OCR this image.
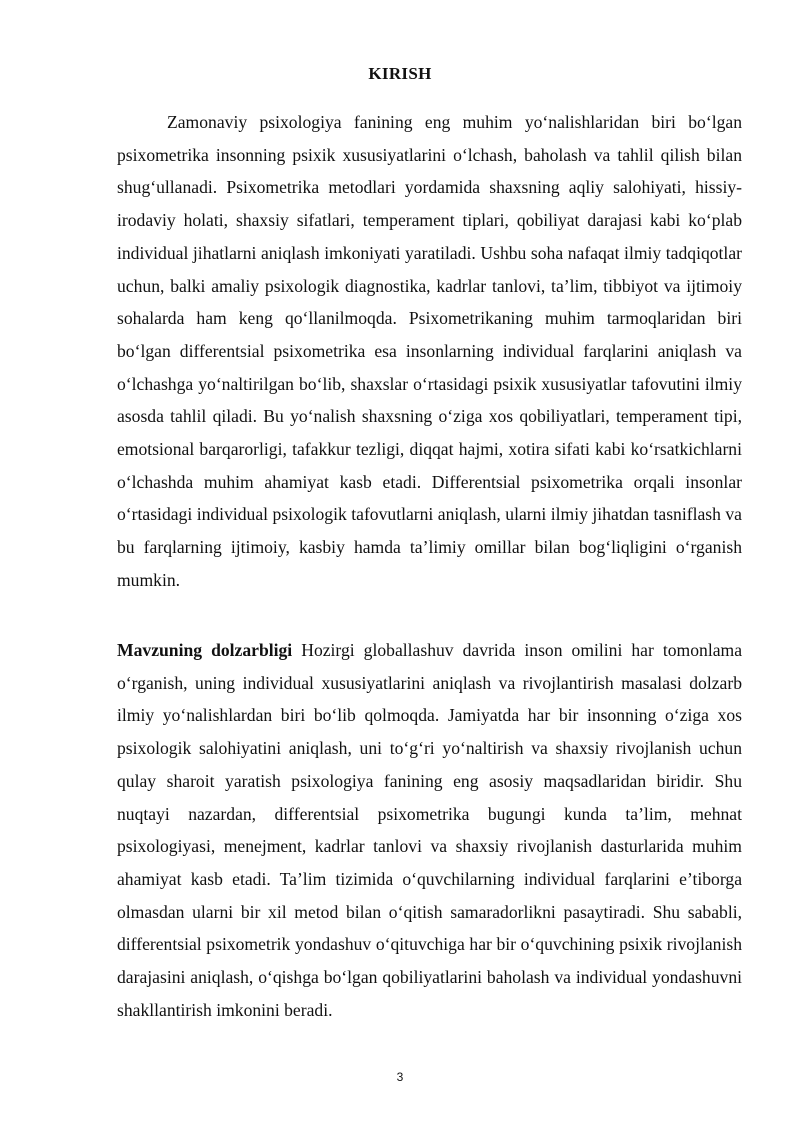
KIRISH

Zamonaviy psixologiya fanining eng muhim yo‘nalishlaridan biri bo‘lgan psixometrika insonning psixik xususiyatlarini o‘lchash, baholash va tahlil qilish bilan shug‘ullanadi. Psixometrika metodlari yordamida shaxsning aqliy salohiyati, hissiy-irodaviy holati, shaxsiy sifatlari, temperament tiplari, qobiliyat darajasi kabi ko‘plab individual jihatlarni aniqlash imkoniyati yaratiladi. Ushbu soha nafaqat ilmiy tadqiqotlar uchun, balki amaliy psixologik diagnostika, kadrlar tanlovi, ta’lim, tibbiyot va ijtimoiy sohalarda ham keng qo‘llanilmoqda. Psixometrikaning muhim tarmoqlaridan biri bo‘lgan differentsial psixometrika esa insonlarning individual farqlarini aniqlash va o‘lchashga yo‘naltirilgan bo‘lib, shaxslar o‘rtasidagi psixik xususiyatlar tafovutini ilmiy asosda tahlil qiladi. Bu yo‘nalish shaxsning o‘ziga xos qobiliyatlari, temperament tipi, emotsional barqarorligi, tafakkur tezligi, diqqat hajmi, xotira sifati kabi ko‘rsatkichlarni o‘lchashda muhim ahamiyat kasb etadi. Differentsial psixometrika orqali insonlar o‘rtasidagi individual psixologik tafovutlarni aniqlash, ularni ilmiy jihatdan tasniflash va bu farqlarning ijtimoiy, kasbiy hamda ta’limiy omillar bilan bog‘liqligini o‘rganish mumkin.

Mavzuning dolzarbligi Hozirgi globallashuv davrida inson omilini har tomonlama o‘rganish, uning individual xususiyatlarini aniqlash va rivojlantirish masalasi dolzarb ilmiy yo‘nalishlardan biri bo‘lib qolmoqda. Jamiyatda har bir insonning o‘ziga xos psixologik salohiyatini aniqlash, uni to‘g‘ri yo‘naltirish va shaxsiy rivojlanish uchun qulay sharoit yaratish psixologiya fanining eng asosiy maqsadlaridan biridir. Shu nuqtayi nazardan, differentsial psixometrika bugungi kunda ta’lim, mehnat psixologiyasi, menejment, kadrlar tanlovi va shaxsiy rivojlanish dasturlarida muhim ahamiyat kasb etadi. Ta’lim tizimida o‘quvchilarning individual farqlarini e’tiborga olmasdan ularni bir xil metod bilan o‘qitish samaradorlikni pasaytiradi. Shu sababli, differentsial psixometrik yondashuv o‘qituvchiga har bir o‘quvchining psixik rivojlanish darajasini aniqlash, o‘qishga bo‘lgan qobiliyatlarini baholash va individual yondashuvni shakllantirish imkonini beradi.

3
